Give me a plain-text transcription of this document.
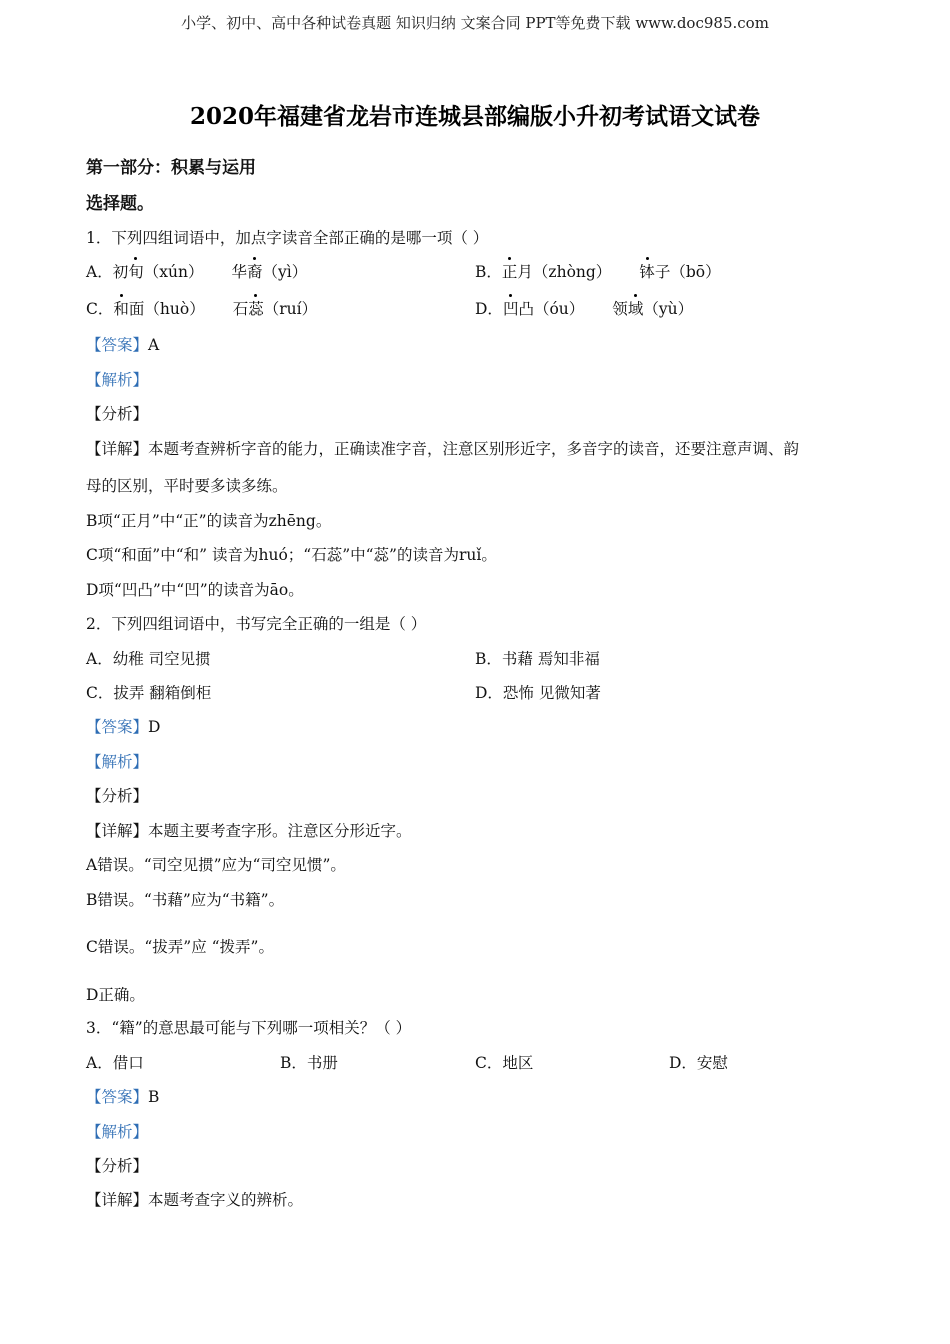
小学、初中、高中各种试卷真题 知识归纳 文案合同 PPT等免费下载 www.doc985.com
2020年福建省龙岩市连城县部编版小升初考试语文试卷
第一部分：积累与运用
选择题。
1．下列四组词语中，加点字读音全部正确的是哪一项（ ）
A．初旬（xún） 华裔（yì）	B．正月（zhòng） 钵子（bō）
C．和面（huò） 石蕊（ruí）	D．凹凸（óu） 领域（yù）
【答案】A
【解析】
【分析】
【详解】本题考查辨析字音的能力，正确读准字音，注意区别形近字，多音字的读音，还要注意声调、韵
母的区别，平时要多读多练。
B项“正月”中“正”的读音为zhēng。
C项“和面”中“和” 读音为huó；“石蕊”中“蕊”的读音为ruǐ。
D项“凹凸”中“凹”的读音为āo。
2．下列四组词语中，书写完全正确的一组是（ ）
A．幼稚 司空见掼	B．书藉 焉知非福
C．拔弄 翻箱倒柜	D．恐怖 见微知著
【答案】D
【解析】
【分析】
【详解】本题主要考查字形。注意区分形近字。
A错误。“司空见掼”应为“司空见惯”。
B错误。“书藉”应为“书籍”。
C错误。“拔弄”应 “拨弄”。
D正确。
3．“籍”的意思最可能与下列哪一项相关？（ ）
A．借口	B．书册	C．地区	D．安慰
【答案】B
【解析】
【分析】
【详解】本题考查字义的辨析。
